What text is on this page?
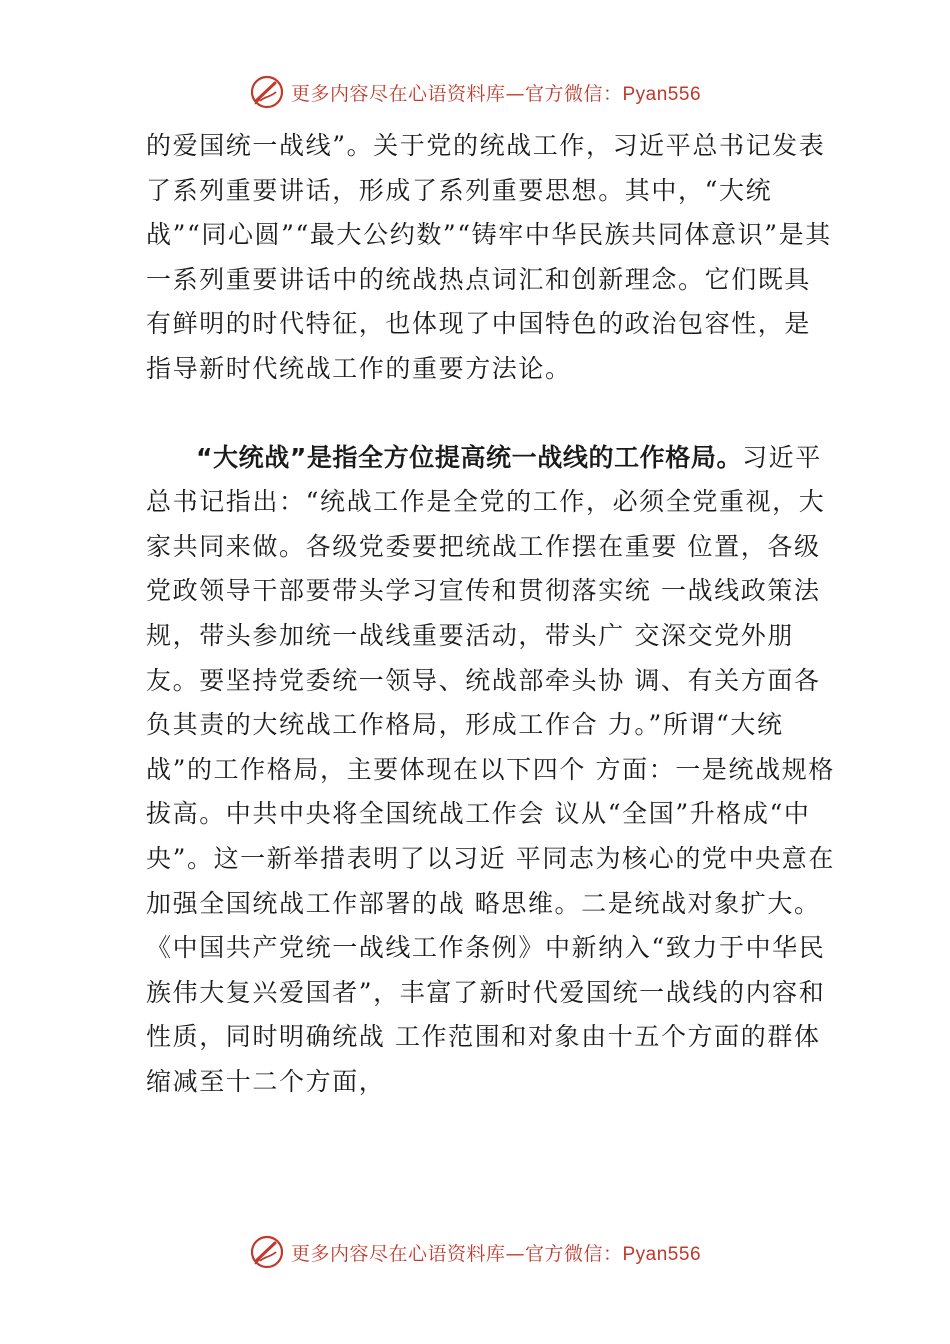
更多内容尽在心语资料库—官方微信：Pyan556

的爱国统一战线”。关于党的统战工作，习近平总书记发表了系列重要讲话，形成了系列重要思想。其中，“大统战”“同心圆”“最大公约数”“铸牢中华民族共同体意识”是其一系列重要讲话中的统战热点词汇和创新理念。它们既具有鲜明的时代特征，也体现了中国特色的政治包容性，是指导新时代统战工作的重要方法论。

“大统战”是指全方位提高统一战线的工作格局。习近平总书记指出：“统战工作是全党的工作，必须全党重视，大家共同来做。各级党委要把统战工作摆在重要 位置，各级党政领导干部要带头学习宣传和贯彻落实统 一战线政策法规，带头参加统一战线重要活动，带头广 交深交党外朋友。要坚持党委统一领导、统战部牵头协 调、有关方面各负其责的大统战工作格局，形成工作合 力。”所谓“大统战”的工作格局，主要体现在以下四个 方面：一是统战规格拔高。中共中央将全国统战工作会 议从“全国”升格成“中央”。这一新举措表明了以习近 平同志为核心的党中央意在加强全国统战工作部署的战 略思维。二是统战对象扩大。《中国共产党统一战线工作条例》中新纳入“致力于中华民族伟大复兴爱国者”，丰富了新时代爱国统一战线的内容和性质，同时明确统战 工作范围和对象由十五个方面的群体缩减至十二个方面，

更多内容尽在心语资料库—官方微信：Pyan556
